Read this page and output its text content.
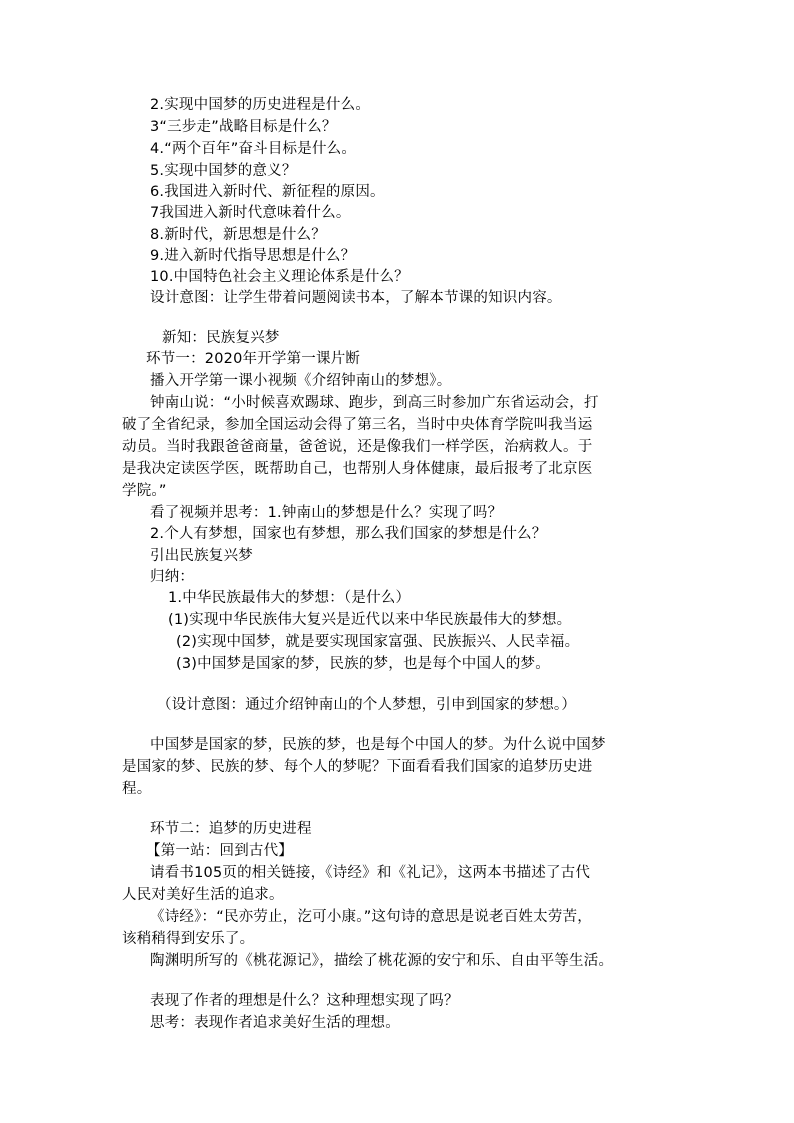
2.实现中国梦的历史进程是什么。
3“三步走”战略目标是什么？
4.“两个百年”奋斗目标是什么。
5.实现中国梦的意义？
6.我国进入新时代、新征程的原因。
7我国进入新时代意味着什么。
8.新时代，新思想是什么？
9.进入新时代指导思想是什么？
10.中国特色社会主义理论体系是什么？
设计意图：让学生带着问题阅读书本，了解本节课的知识内容。
新知：民族复兴梦
环节一：2020年开学第一课片断
播入开学第一课小视频《介绍钟南山的梦想》。
钟南山说：“小时候喜欢踢球、跑步，到高三时参加广东省运动会，打
破了全省纪录，参加全国运动会得了第三名，当时中央体育学院叫我当运
动员。当时我跟爸爸商量，爸爸说，还是像我们一样学医，治病救人。于
是我决定读医学医，既帮助自己，也帮别人身体健康，最后报考了北京医
学院。”
看了视频并思考：1.钟南山的梦想是什么？实现了吗？
2.个人有梦想，国家也有梦想，那么我们国家的梦想是什么？
引出民族复兴梦
归纳：
1.中华民族最伟大的梦想：（是什么）
(1)实现中华民族伟大复兴是近代以来中华民族最伟大的梦想。
(2)实现中国梦，就是要实现国家富强、民族振兴、人民幸福。
(3)中国梦是国家的梦，民族的梦，也是每个中国人的梦。
（设计意图：通过介绍钟南山的个人梦想，引申到国家的梦想。）
中国梦是国家的梦，民族的梦，也是每个中国人的梦。为什么说中国梦
是国家的梦、民族的梦、每个人的梦呢？下面看看我们国家的追梦历史进
程。
环节二：追梦的历史进程
【第一站：回到古代】
请看书105页的相关链接，《诗经》和《礼记》，这两本书描述了古代
人民对美好生活的追求。
《诗经》：“民亦劳止，汔可小康。”这句诗的意思是说老百姓太劳苦，
该稍稍得到安乐了。
陶渊明所写的《桃花源记》，描绘了桃花源的安宁和乐、自由平等生活。
表现了作者的理想是什么？这种理想实现了吗？
思考：表现作者追求美好生活的理想。
